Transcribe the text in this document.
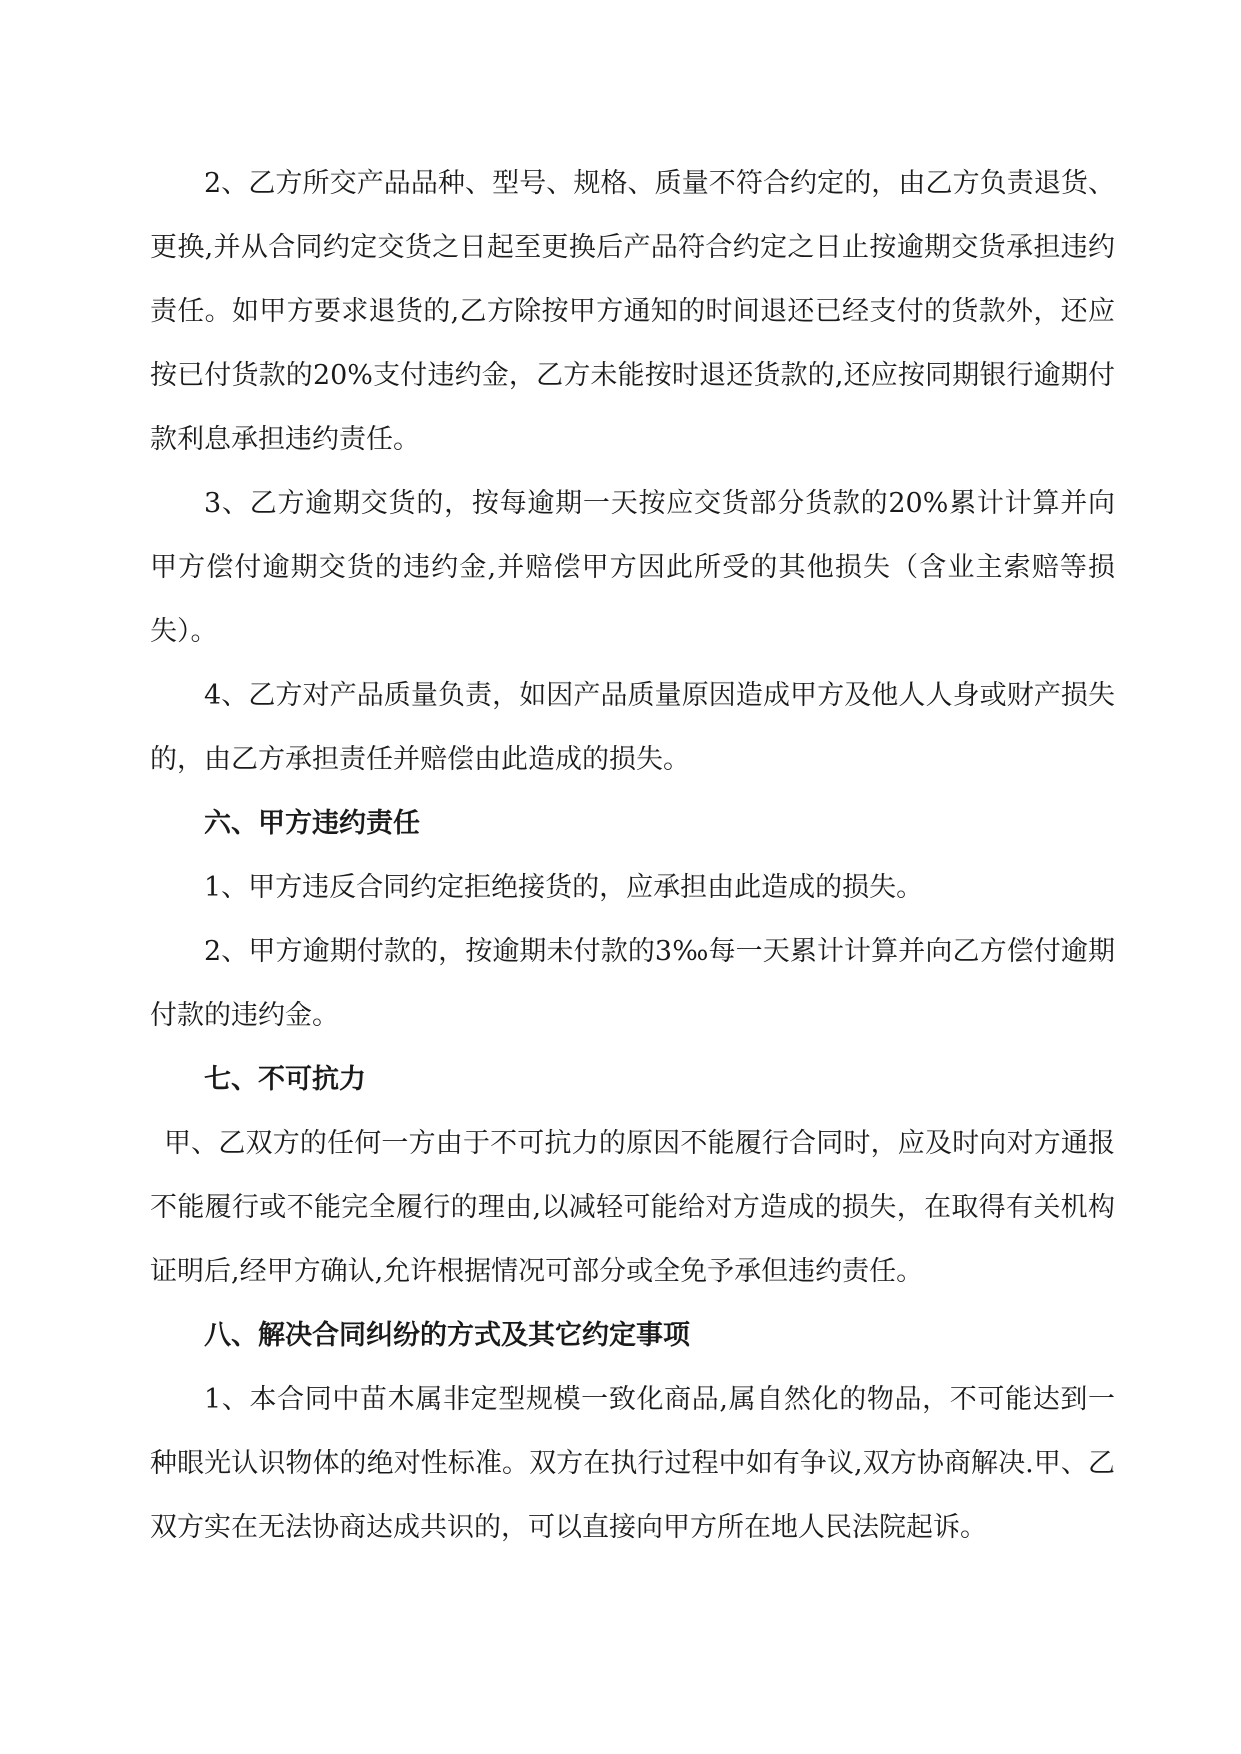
2、乙方所交产品品种、型号、规格、质量不符合约定的，由乙方负责退货、更换,并从合同约定交货之日起至更换后产品符合约定之日止按逾期交货承担违约责任。如甲方要求退货的,乙方除按甲方通知的时间退还已经支付的货款外，还应按已付货款的20%支付违约金，乙方未能按时退还货款的,还应按同期银行逾期付款利息承担违约责任。

3、乙方逾期交货的，按每逾期一天按应交货部分货款的20%累计计算并向甲方偿付逾期交货的违约金,并赔偿甲方因此所受的其他损失（含业主索赔等损失）。

4、乙方对产品质量负责，如因产品质量原因造成甲方及他人人身或财产损失的，由乙方承担责任并赔偿由此造成的损失。

六、甲方违约责任

1、甲方违反合同约定拒绝接货的，应承担由此造成的损失。

2、甲方逾期付款的，按逾期未付款的3‰每一天累计计算并向乙方偿付逾期付款的违约金。

七、不可抗力

甲、乙双方的任何一方由于不可抗力的原因不能履行合同时，应及时向对方通报不能履行或不能完全履行的理由,以减轻可能给对方造成的损失，在取得有关机构证明后,经甲方确认,允许根据情况可部分或全免予承但违约责任。

八、解决合同纠纷的方式及其它约定事项

1、本合同中苗木属非定型规模一致化商品,属自然化的物品，不可能达到一种眼光认识物体的绝对性标准。双方在执行过程中如有争议,双方协商解决.甲、乙双方实在无法协商达成共识的，可以直接向甲方所在地人民法院起诉。
